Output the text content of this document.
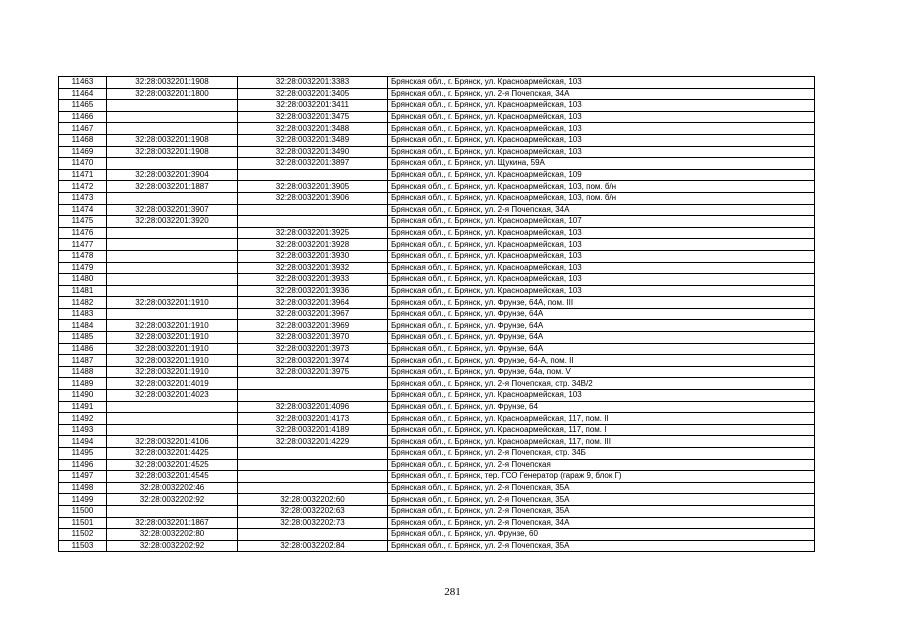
11463	32:28:0032201:1908	32:28:0032201:3383	Брянская обл., г. Брянск, ул. Красноармейская, 103
11464	32:28:0032201:1800	32:28:0032201:3405	Брянская обл., г. Брянск, ул. 2-я Почепская, 34А
11465		32:28:0032201:3411	Брянская обл., г. Брянск, ул. Красноармейская, 103
11466		32:28:0032201:3475	Брянская обл., г. Брянск, ул. Красноармейская, 103
11467		32:28:0032201:3488	Брянская обл., г. Брянск, ул. Красноармейская, 103
11468	32:28:0032201:1908	32:28:0032201:3489	Брянская обл., г. Брянск, ул. Красноармейская, 103
11469	32:28:0032201:1908	32:28:0032201:3490	Брянская обл., г. Брянск, ул. Красноармейская, 103
11470		32:28:0032201:3897	Брянская обл., г. Брянск, ул. Щукина, 59А
11471	32:28:0032201:3904		Брянская обл., г. Брянск, ул. Красноармейская, 109
11472	32:28:0032201:1887	32:28:0032201:3905	Брянская обл., г. Брянск, ул. Красноармейская, 103, пом. б/н
11473		32:28:0032201:3906	Брянская обл., г. Брянск, ул. Красноармейская, 103, пом. б/н
11474	32:28:0032201:3907		Брянская обл., г. Брянск, ул. 2-я Почепская, 34А
11475	32:28:0032201:3920		Брянская обл., г. Брянск, ул. Красноармейская, 107
11476		32:28:0032201:3925	Брянская обл., г. Брянск, ул. Красноармейская, 103
11477		32:28:0032201:3928	Брянская обл., г. Брянск, ул. Красноармейская, 103
11478		32:28:0032201:3930	Брянская обл., г. Брянск, ул. Красноармейская, 103
11479		32:28:0032201:3932	Брянская обл., г. Брянск, ул. Красноармейская, 103
11480		32:28:0032201:3933	Брянская обл., г. Брянск, ул. Красноармейская, 103
11481		32:28:0032201:3936	Брянская обл., г. Брянск, ул. Красноармейская, 103
11482	32:28:0032201:1910	32:28:0032201:3964	Брянская обл., г. Брянск, ул. Фрунзе, 64А, пом. III
11483		32:28:0032201:3967	Брянская обл., г. Брянск, ул. Фрунзе, 64А
11484	32:28:0032201:1910	32:28:0032201:3969	Брянская обл., г. Брянск, ул. Фрунзе, 64А
11485	32:28:0032201:1910	32:28:0032201:3970	Брянская обл., г. Брянск, ул. Фрунзе, 64А
11486	32:28:0032201:1910	32:28:0032201:3973	Брянская обл., г. Брянск, ул. Фрунзе, 64А
11487	32:28:0032201:1910	32:28:0032201:3974	Брянская обл., г. Брянск, ул. Фрунзе, 64-А, пом. II
11488	32:28:0032201:1910	32:28:0032201:3975	Брянская обл., г. Брянск, ул. Фрунзе, 64а, пом. V
11489	32:28:0032201:4019		Брянская обл., г. Брянск, ул. 2-я Почепская, стр. 34В/2
11490	32:28:0032201:4023		Брянская обл., г. Брянск, ул. Красноармейская, 103
11491		32:28:0032201:4096	Брянская обл., г. Брянск, ул. Фрунзе, 64
11492		32:28:0032201:4173	Брянская обл., г. Брянск, ул. Красноармейская, 117, пом. II
11493		32:28:0032201:4189	Брянская обл., г. Брянск, ул. Красноармейская, 117, пом. I
11494	32:28:0032201:4106	32:28:0032201:4229	Брянская обл., г. Брянск, ул. Красноармейская, 117, пом. III
11495	32:28:0032201:4425		Брянская обл., г. Брянск, ул. 2-я Почепская, стр. 34Б
11496	32:28:0032201:4525		Брянская обл., г. Брянск, ул. 2-я Почепская
11497	32:28:0032201:4545		Брянская обл., г. Брянск, тер. ГСО Генератор (гараж 9, блок Г)
11498	32:28:0032202:46		Брянская обл., г. Брянск, ул. 2-я Почепская, 35А
11499	32:28:0032202:92	32:28:0032202:60	Брянская обл., г. Брянск, ул. 2-я Почепская, 35А
11500		32:28:0032202:63	Брянская обл., г. Брянск, ул. 2-я Почепская, 35А
11501	32:28:0032201:1867	32:28:0032202:73	Брянская обл., г. Брянск, ул. 2-я Почепская, 34А
11502	32:28:0032202:80		Брянская обл., г. Брянск, ул. Фрунзе, 60
11503	32:28:0032202:92	32:28:0032202:84	Брянская обл., г. Брянск, ул. 2-я Почепская, 35А
281
